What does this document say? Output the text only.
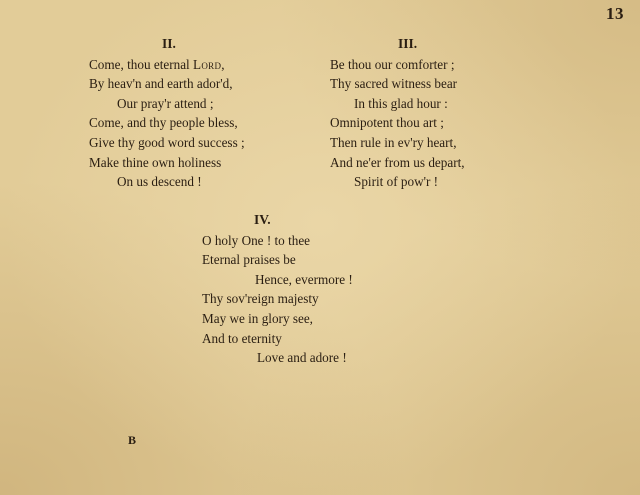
13
II.
Come, thou eternal Lord,
By heav'n and earth ador'd,
Our pray'r attend ;
Come, and thy people bless,
Give thy good word success ;
Make thine own holiness
On us descend !
III.
Be thou our comforter ;
Thy sacred witness bear
In this glad hour :
Omnipotent thou art ;
Then rule in ev'ry heart,
And ne'er from us depart,
Spirit of pow'r !
IV.
O holy One ! to thee
Eternal praises be
Hence, evermore !
Thy sov'reign majesty
May we in glory see,
And to eternity
Love and adore !
B
